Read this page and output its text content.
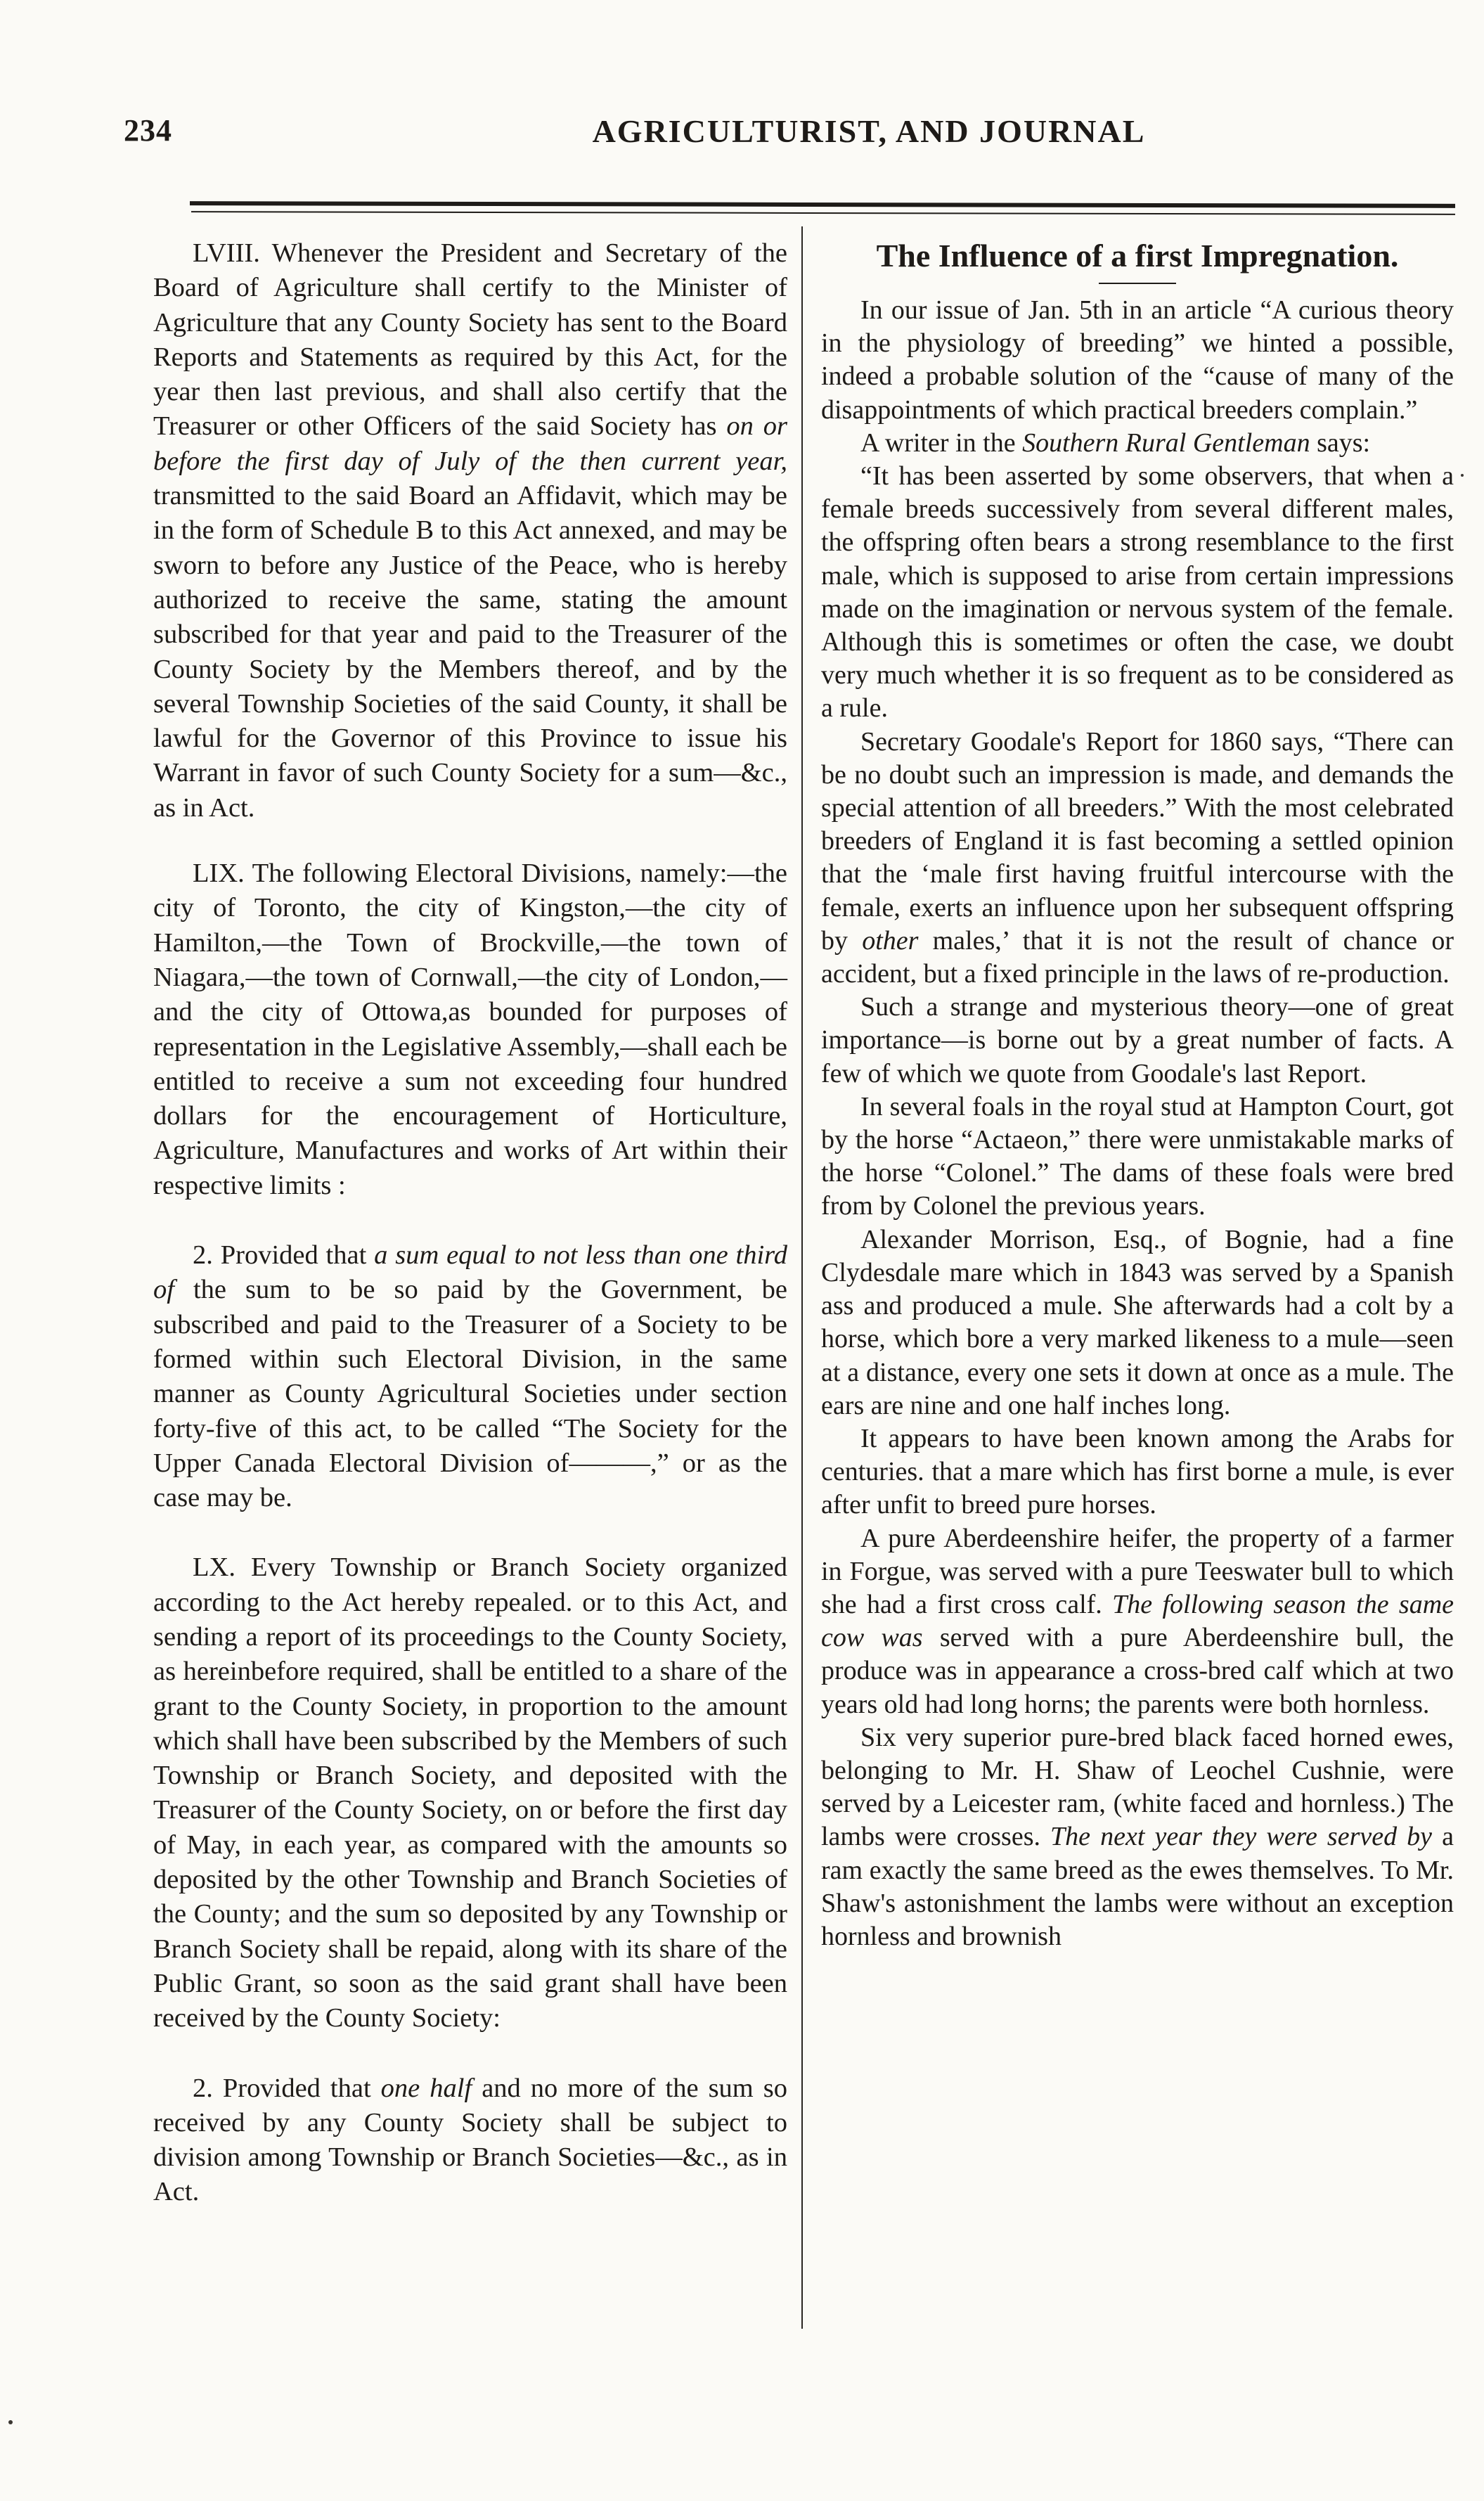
234	AGRICULTURIST, AND JOURNAL

LVIII. Whenever the President and Secretary of the Board of Agriculture shall certify to the Minister of Agriculture that any County Society has sent to the Board Reports and Statements as required by this Act, for the year then last previous, and shall also certify that the Treasurer or other Officers of the said Society has on or before the first day of July of the then current year, transmitted to the said Board an Affidavit, which may be in the form of Schedule B to this Act annexed, and may be sworn to before any Justice of the Peace, who is hereby authorized to receive the same, stating the amount subscribed for that year and paid to the Treasurer of the County Society by the Members thereof, and by the several Township Societies of the said County, it shall be lawful for the Governor of this Province to issue his Warrant in favor of such County Society for a sum—&c., as in Act.

LIX. The following Electoral Divisions, namely:—the city of Toronto, the city of Kingston,—the city of Hamilton,—the Town of Brockville,—the town of Niagara,—the town of Cornwall,—the city of London,—and the city of Ottowa,as bounded for purposes of representation in the Legislative Assembly,—shall each be entitled to receive a sum not exceeding four hundred dollars for the encouragement of Horticulture, Agriculture, Manufactures and works of Art within their respective limits :

2. Provided that a sum equal to not less than one third of the sum to be so paid by the Government, be subscribed and paid to the Treasurer of a Society to be formed within such Electoral Division, in the same manner as County Agricultural Societies under section forty-five of this act, to be called “The Society for the Upper Canada Electoral Division of———,” or as the case may be.

LX. Every Township or Branch Society organized according to the Act hereby repealed. or to this Act, and sending a report of its proceedings to the County Society, as hereinbefore required, shall be entitled to a share of the grant to the County Society, in proportion to the amount which shall have been subscribed by the Members of such Township or Branch Society, and deposited with the Treasurer of the County Society, on or before the first day of May, in each year, as compared with the amounts so deposited by the other Township and Branch Societies of the County; and the sum so deposited by any Township or Branch Society shall be repaid, along with its share of the Public Grant, so soon as the said grant shall have been received by the County Society:

2. Provided that one half and no more of the sum so received by any County Society shall be subject to division among Township or Branch Societies—&c., as in Act.

The Influence of a first Impregnation.

In our issue of Jan. 5th in an article “A curious theory in the physiology of breeding” we hinted a possible, indeed a probable solution of the “cause of many of the disappointments of which practical breeders complain.”

A writer in the Southern Rural Gentleman says:

“It has been asserted by some observers, that when a female breeds successively from several different males, the offspring often bears a strong resemblance to the first male, which is supposed to arise from certain impressions made on the imagination or nervous system of the female. Although this is sometimes or often the case, we doubt very much whether it is so frequent as to be considered as a rule.

Secretary Goodale's Report for 1860 says, “There can be no doubt such an impression is made, and demands the special attention of all breeders.” With the most celebrated breeders of England it is fast becoming a settled opinion that the ‘male first having fruitful intercourse with the female, exerts an influence upon her subsequent offspring by other males,’ that it is not the result of chance or accident, but a fixed principle in the laws of re-production.

Such a strange and mysterious theory—one of great importance—is borne out by a great number of facts. A few of which we quote from Goodale's last Report.

In several foals in the royal stud at Hampton Court, got by the horse “Actaeon,” there were unmistakable marks of the horse “Colonel.” The dams of these foals were bred from by Colonel the previous years.

Alexander Morrison, Esq., of Bognie, had a fine Clydesdale mare which in 1843 was served by a Spanish ass and produced a mule. She afterwards had a colt by a horse, which bore a very marked likeness to a mule—seen at a distance, every one sets it down at once as a mule. The ears are nine and one half inches long.

It appears to have been known among the Arabs for centuries. that a mare which has first borne a mule, is ever after unfit to breed pure horses.

A pure Aberdeenshire heifer, the property of a farmer in Forgue, was served with a pure Teeswater bull to which she had a first cross calf. The following season the same cow was served with a pure Aberdeenshire bull, the produce was in appearance a cross-bred calf which at two years old had long horns; the parents were both hornless.

Six very superior pure-bred black faced horned ewes, belonging to Mr. H. Shaw of Leochel Cushnie, were served by a Leicester ram, (white faced and hornless.) The lambs were crosses. The next year they were served by a ram exactly the same breed as the ewes themselves. To Mr. Shaw's astonishment the lambs were without an exception hornless and brownish
